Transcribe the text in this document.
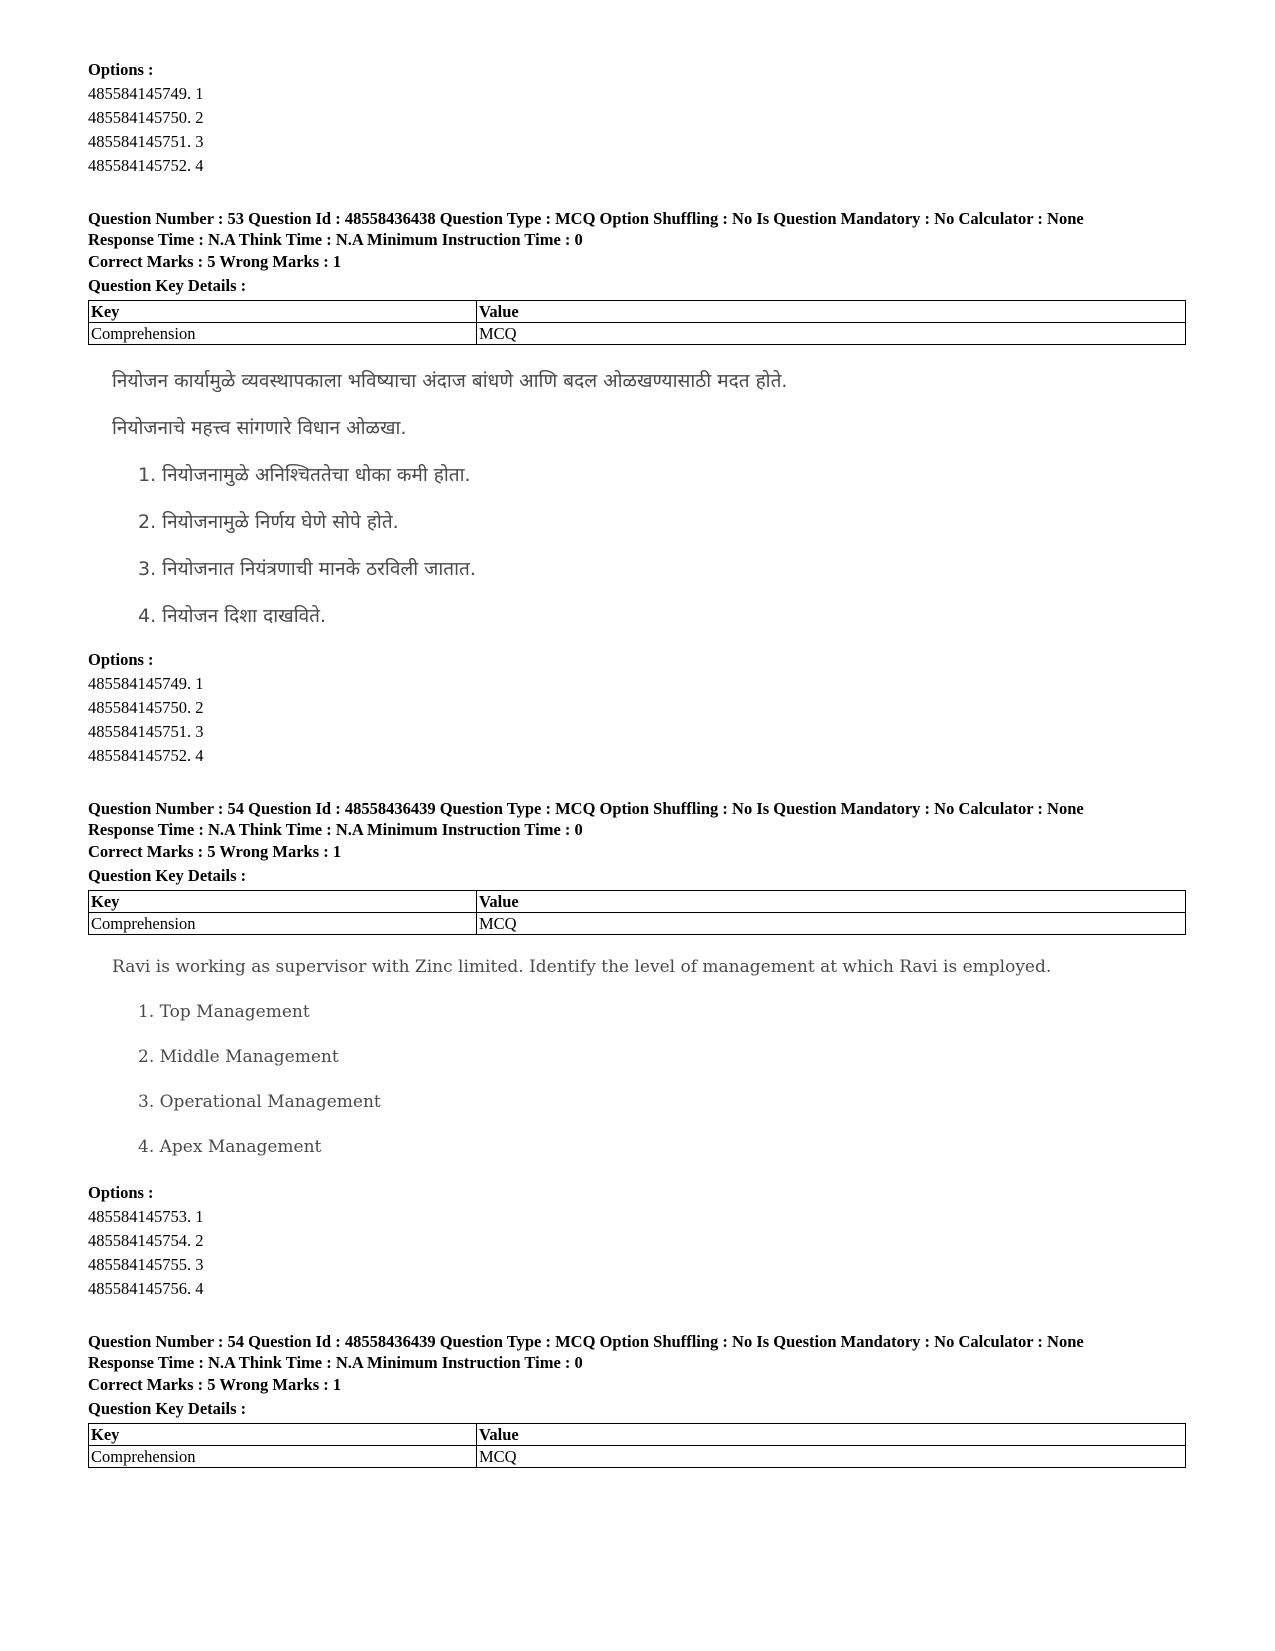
Options :
485584145749. 1
485584145750. 2
485584145751. 3
485584145752. 4
Question Number : 53 Question Id : 48558436438 Question Type : MCQ Option Shuffling : No Is Question Mandatory : No Calculator : None
Response Time : N.A Think Time : N.A Minimum Instruction Time : 0
Correct Marks : 5 Wrong Marks : 1
Question Key Details :
Key	Value
Comprehension	MCQ
नियोजन कार्यामुळे व्यवस्थापकाला भविष्याचा अंदाज बांधणे आणि बदल ओळखण्यासाठी मदत होते.
नियोजनाचे महत्त्व सांगणारे विधान ओळखा.
1. नियोजनामुळे अनिश्चिततेचा धोका कमी होता.
2. नियोजनामुळे निर्णय घेणे सोपे होते.
3. नियोजनात नियंत्रणाची मानके ठरविली जातात.
4. नियोजन दिशा दाखविते.
Options :
485584145749. 1
485584145750. 2
485584145751. 3
485584145752. 4
Question Number : 54 Question Id : 48558436439 Question Type : MCQ Option Shuffling : No Is Question Mandatory : No Calculator : None
Response Time : N.A Think Time : N.A Minimum Instruction Time : 0
Correct Marks : 5 Wrong Marks : 1
Question Key Details :
Key	Value
Comprehension	MCQ
Ravi is working as supervisor with Zinc limited. Identify the level of management at which Ravi is employed.
1. Top Management
2. Middle Management
3. Operational Management
4. Apex Management
Options :
485584145753. 1
485584145754. 2
485584145755. 3
485584145756. 4
Question Number : 54 Question Id : 48558436439 Question Type : MCQ Option Shuffling : No Is Question Mandatory : No Calculator : None
Response Time : N.A Think Time : N.A Minimum Instruction Time : 0
Correct Marks : 5 Wrong Marks : 1
Question Key Details :
Key	Value
Comprehension	MCQ
